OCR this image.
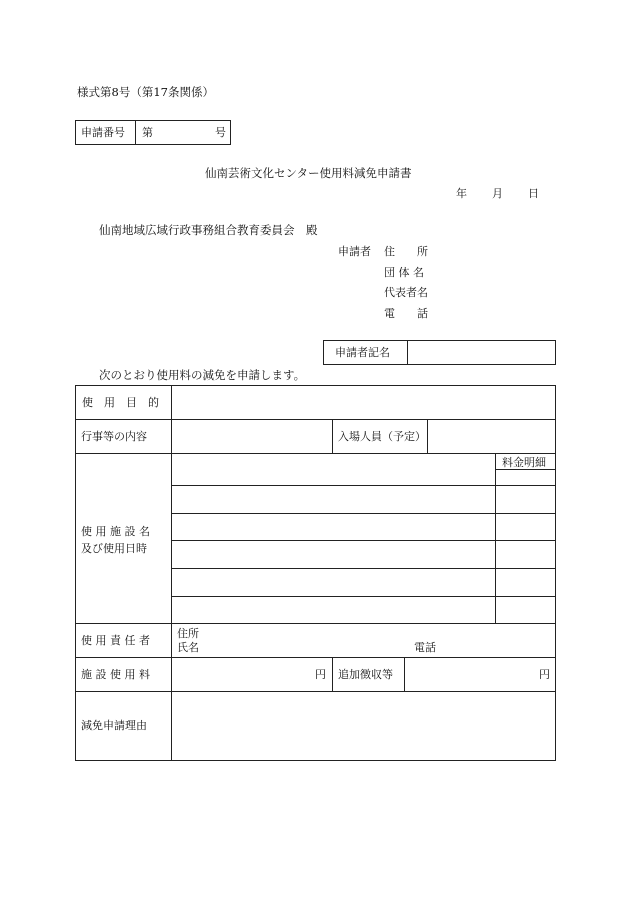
様式第8号（第17条関係）
申請番号 第	号
仙南芸術文化センター使用料減免申請書
年 月 日
仙南地域広域行政事務組合教育委員会　殿
申請者 住　　所
団 体 名
代表者名
電　　話
申請者記名
次のとおり使用料の減免を申請します。
使　用　目　的
行事等の内容	入場人員（予定）
使 用 施 設 名
及び使用日時
料金明細
使 用 責 任 者
住所
氏名	電話
施 設 使 用 料	円 追加徴収等	円
減免申請理由
